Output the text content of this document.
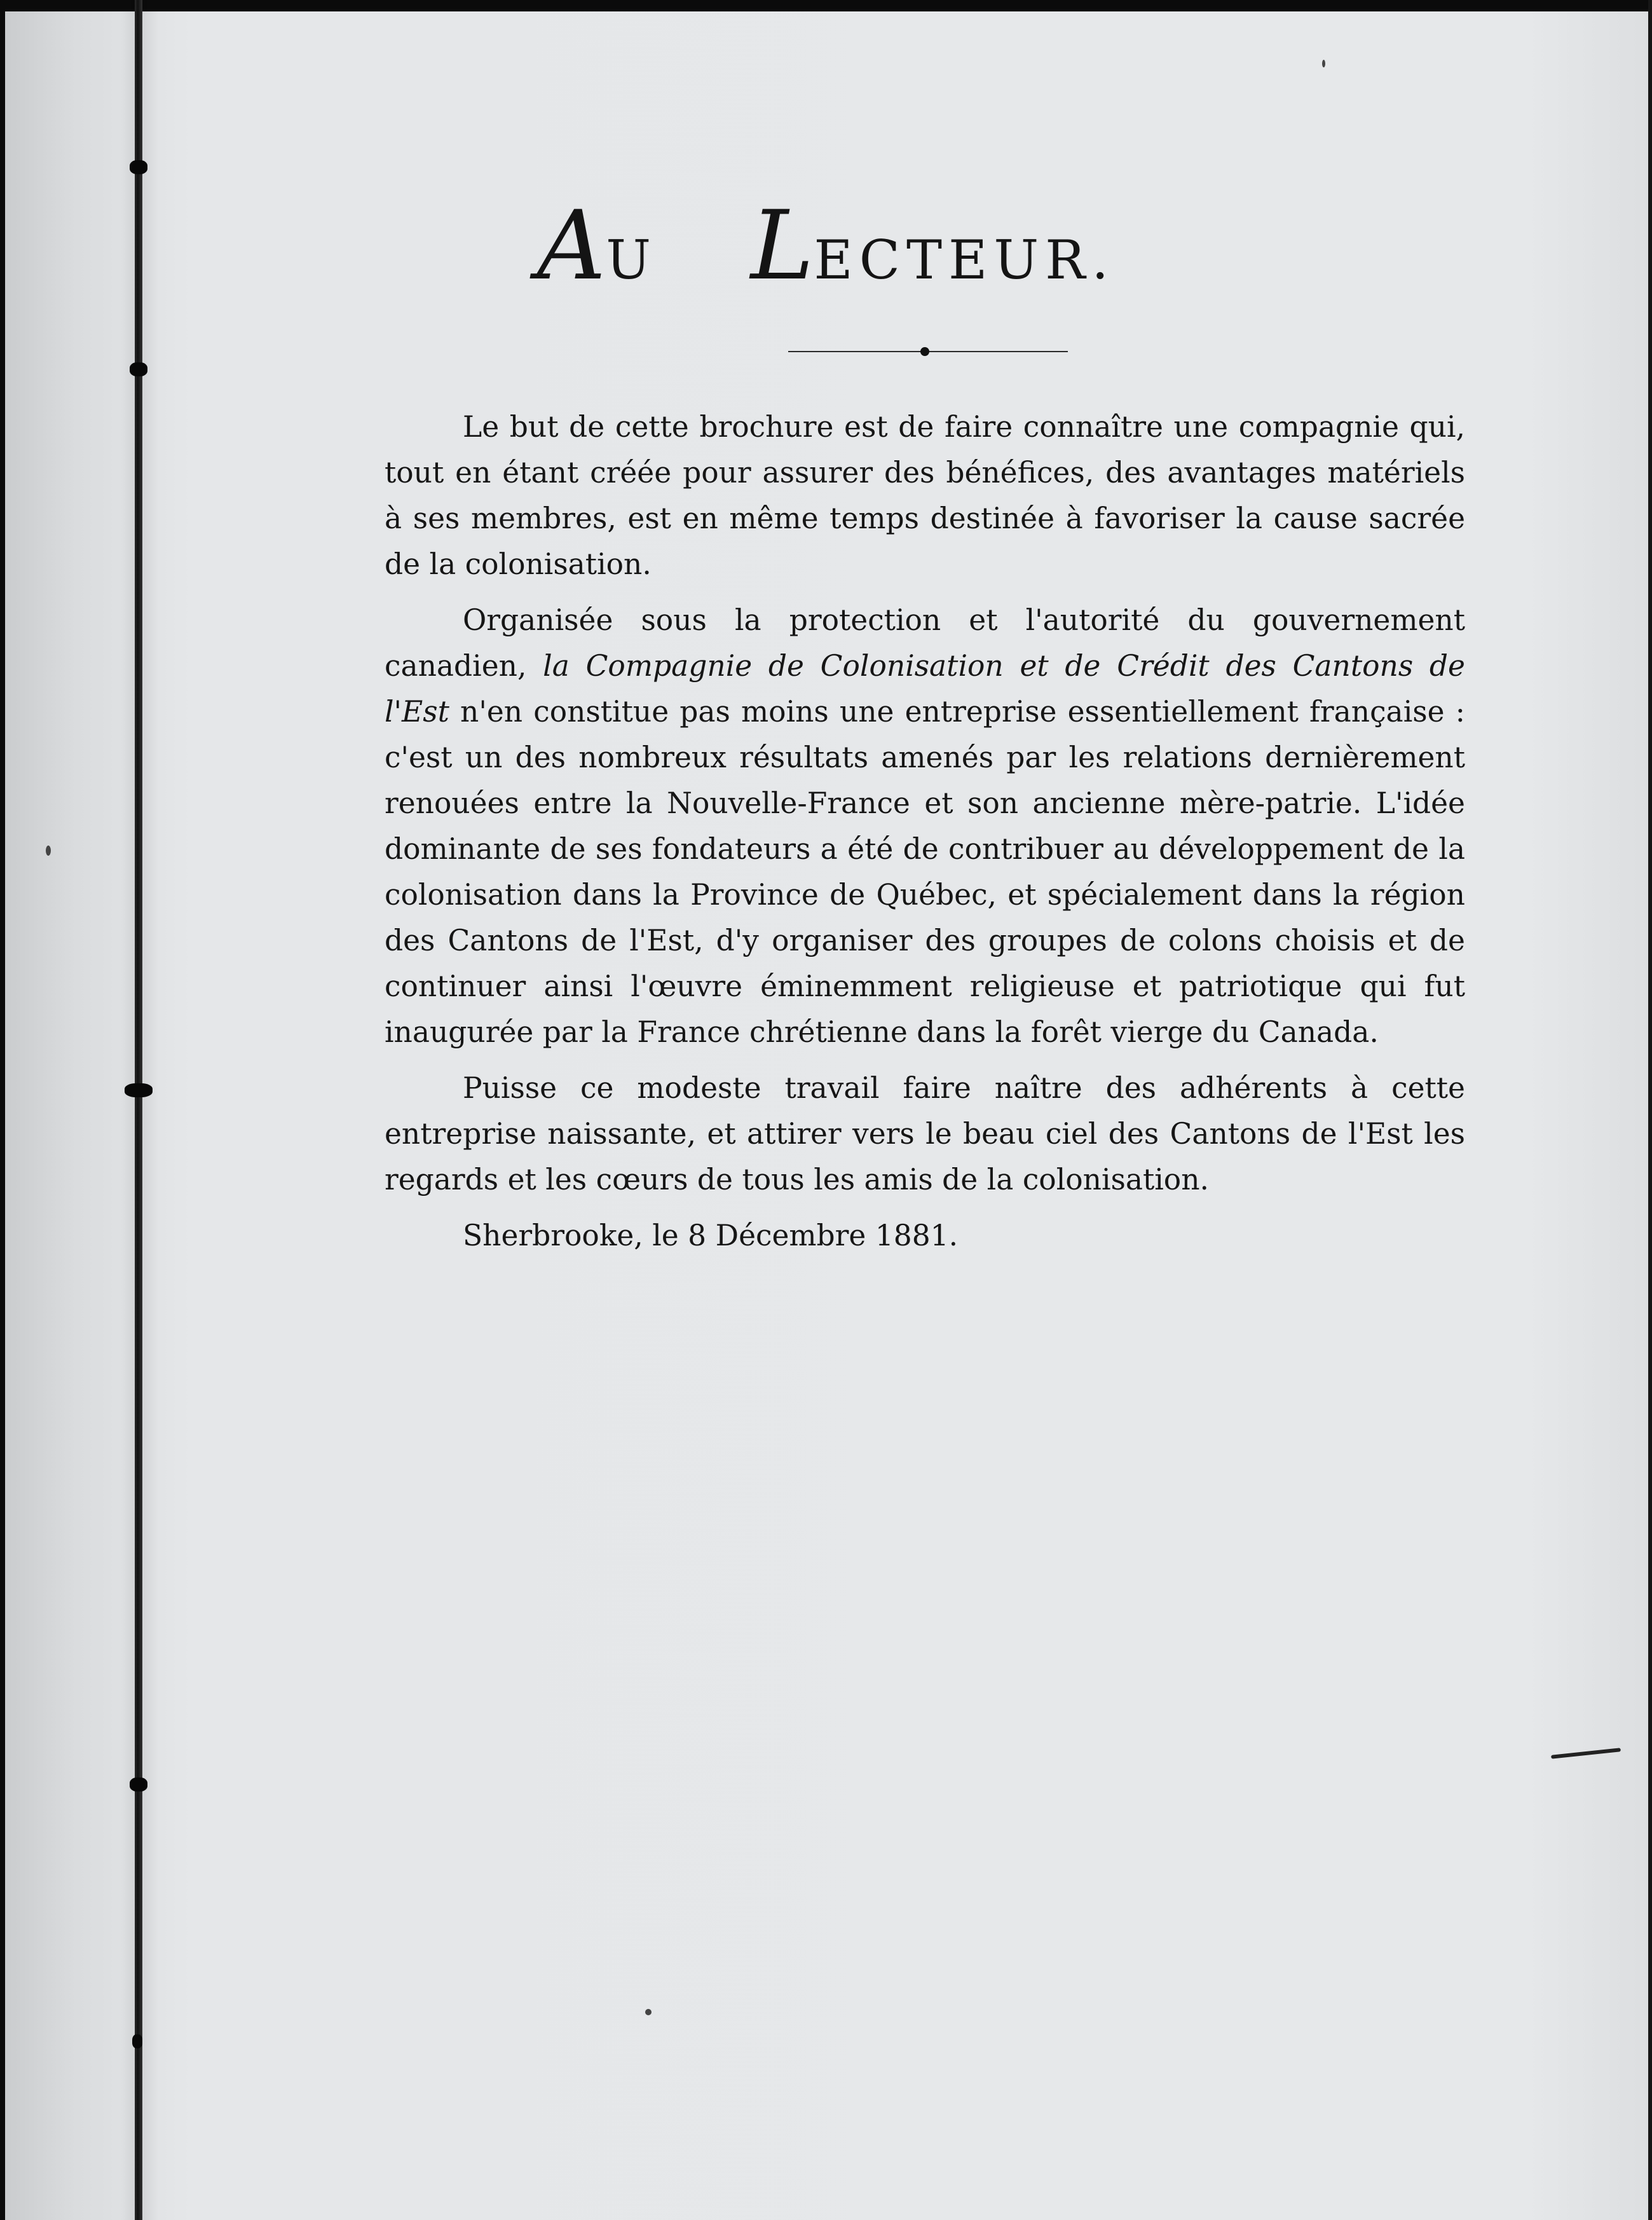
AU LECTEUR.

Le but de cette brochure est de faire connaître une compagnie qui, tout en étant créée pour assurer des bénéfices, des avantages matériels à ses membres, est en même temps destinée à favoriser la cause sacrée de la colonisation.

Organisée sous la protection et l'autorité du gouvernement canadien, la Compagnie de Colonisation et de Crédit des Cantons de l'Est n'en constitue pas moins une entreprise essentiellement française : c'est un des nombreux résultats amenés par les relations dernièrement renouées entre la Nouvelle-France et son ancienne mère-patrie. L'idée dominante de ses fondateurs a été de contribuer au développement de la colonisation dans la Province de Québec, et spécialement dans la région des Cantons de l'Est, d'y organiser des groupes de colons choisis et de continuer ainsi l'œuvre éminemment religieuse et patriotique qui fut inaugurée par la France chrétienne dans la forêt vierge du Canada.

Puisse ce modeste travail faire naître des adhérents à cette entreprise naissante, et attirer vers le beau ciel des Cantons de l'Est les regards et les cœurs de tous les amis de la colonisation.

Sherbrooke, le 8 Décembre 1881.
